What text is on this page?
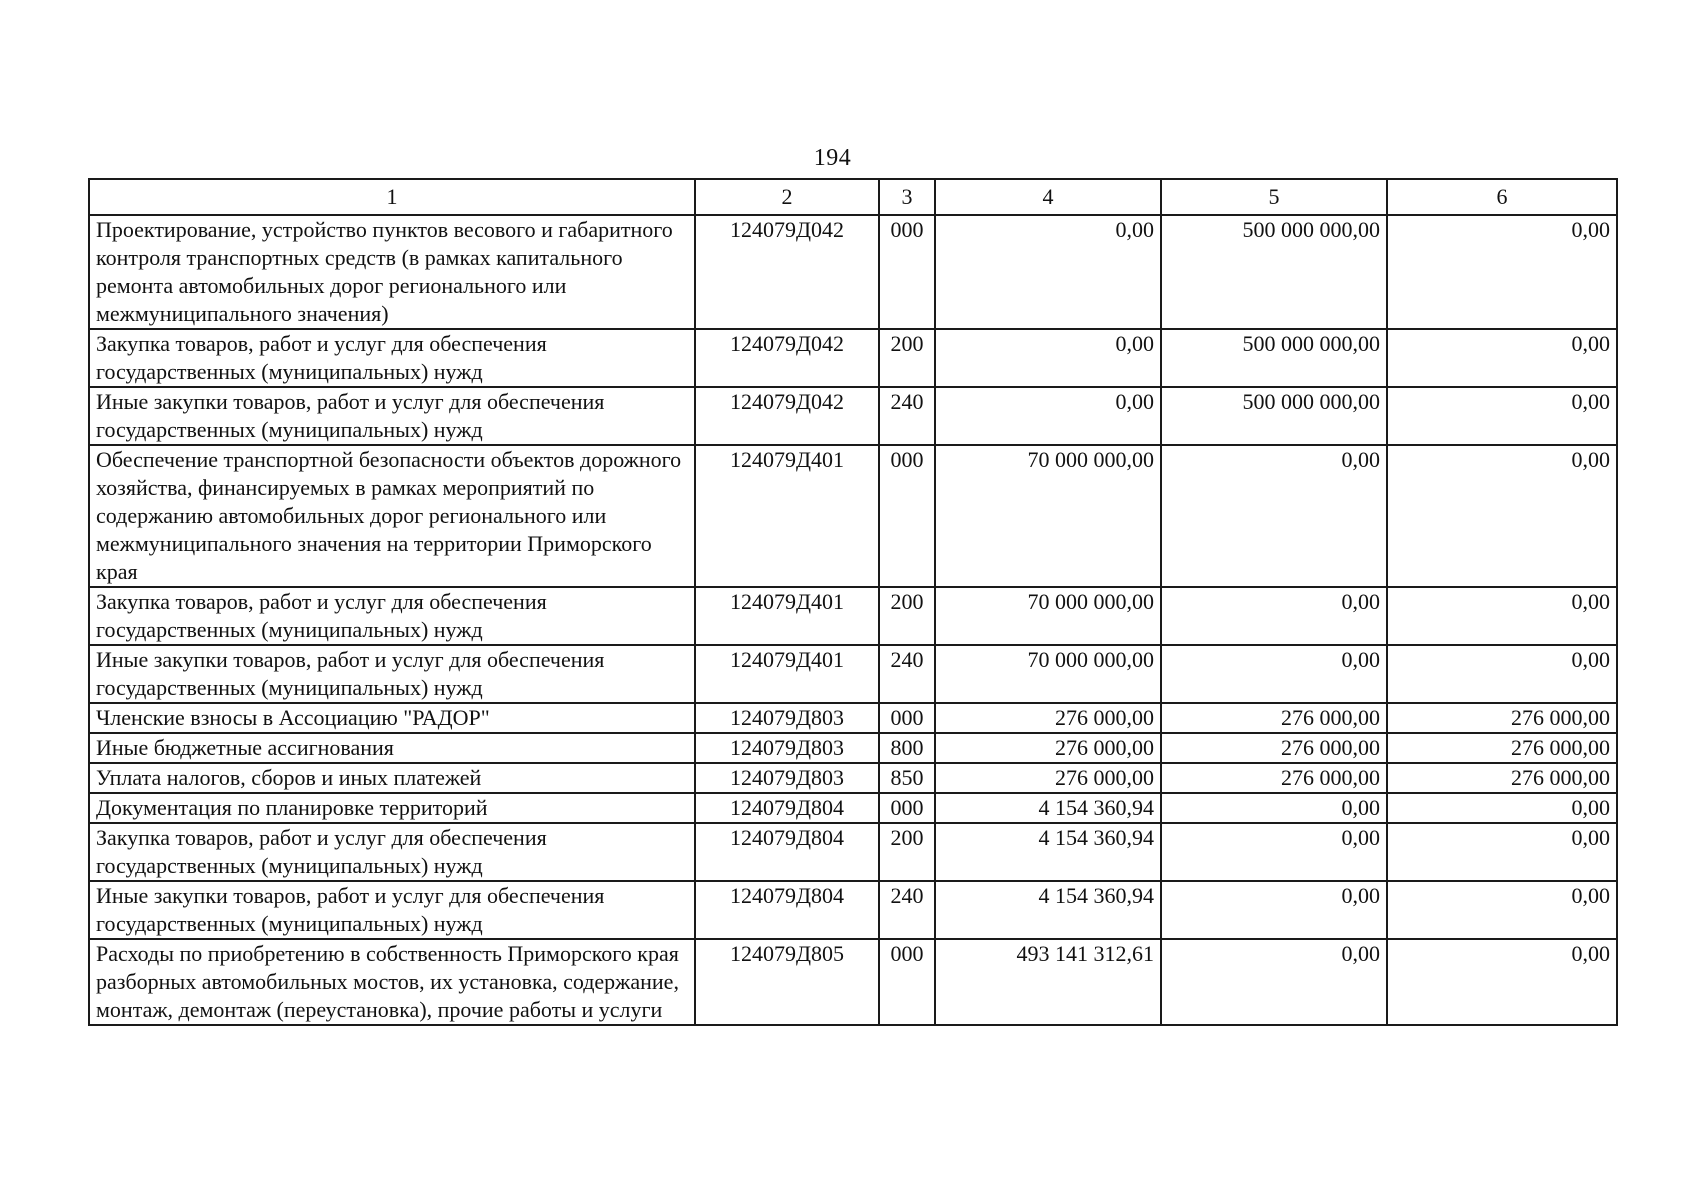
194
1	2	3	4	5	6
Проектирование, устройство пунктов весового и габаритного контроля транспортных средств (в рамках капитального ремонта автомобильных дорог регионального или межмуниципального значения)	124079Д042	000	0,00	500 000 000,00	0,00
Закупка товаров, работ и услуг для обеспечения государственных (муниципальных) нужд	124079Д042	200	0,00	500 000 000,00	0,00
Иные закупки товаров, работ и услуг для обеспечения государственных (муниципальных) нужд	124079Д042	240	0,00	500 000 000,00	0,00
Обеспечение транспортной безопасности объектов дорожного хозяйства, финансируемых в рамках мероприятий по содержанию автомобильных дорог регионального или межмуниципального значения на территории Приморского края	124079Д401	000	70 000 000,00	0,00	0,00
Закупка товаров, работ и услуг для обеспечения государственных (муниципальных) нужд	124079Д401	200	70 000 000,00	0,00	0,00
Иные закупки товаров, работ и услуг для обеспечения государственных (муниципальных) нужд	124079Д401	240	70 000 000,00	0,00	0,00
Членские взносы в Ассоциацию "РАДОР"	124079Д803	000	276 000,00	276 000,00	276 000,00
Иные бюджетные ассигнования	124079Д803	800	276 000,00	276 000,00	276 000,00
Уплата налогов, сборов и иных платежей	124079Д803	850	276 000,00	276 000,00	276 000,00
Документация по планировке территорий	124079Д804	000	4 154 360,94	0,00	0,00
Закупка товаров, работ и услуг для обеспечения государственных (муниципальных) нужд	124079Д804	200	4 154 360,94	0,00	0,00
Иные закупки товаров, работ и услуг для обеспечения государственных (муниципальных) нужд	124079Д804	240	4 154 360,94	0,00	0,00
Расходы по приобретению в собственность Приморского края разборных автомобильных мостов, их установка, содержание, монтаж, демонтаж (переустановка), прочие работы и услуги	124079Д805	000	493 141 312,61	0,00	0,00
